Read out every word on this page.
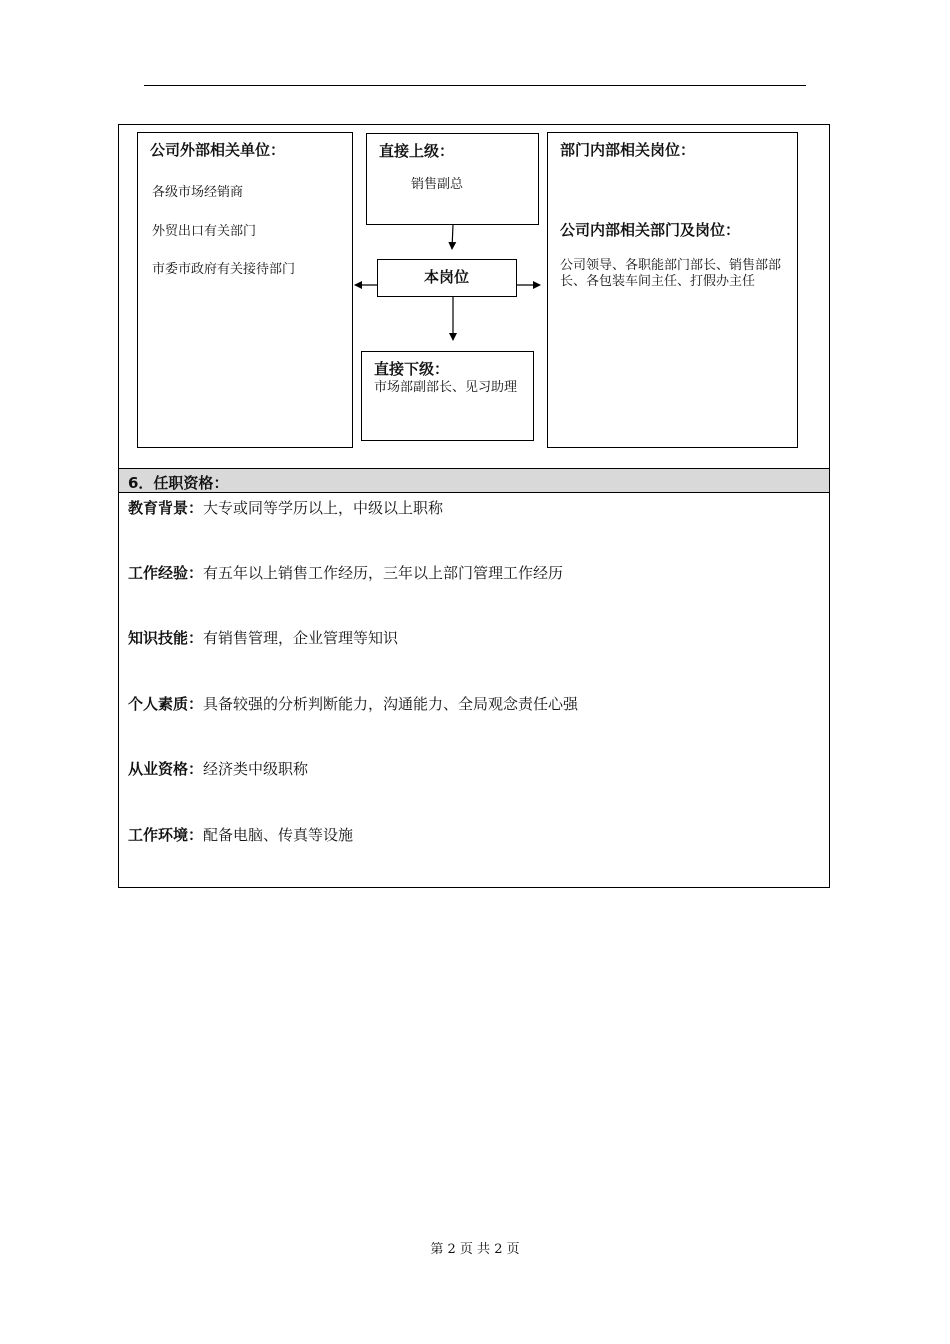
公司外部相关单位：
各级市场经销商
外贸出口有关部门
市委市政府有关接待部门
直接上级：
销售副总
本岗位
直接下级：
市场部副部长、见习助理
部门内部相关岗位：
公司内部相关部门及岗位：
公司领导、各职能部门部长、销售部部长、各包装车间主任、打假办主任
6．任职资格：
教育背景：大专或同等学历以上，中级以上职称
工作经验：有五年以上销售工作经历，三年以上部门管理工作经历
知识技能：有销售管理，企业管理等知识
个人素质：具备较强的分析判断能力，沟通能力、全局观念责任心强
从业资格：经济类中级职称
工作环境：配备电脑、传真等设施
第 2 页 共 2 页
